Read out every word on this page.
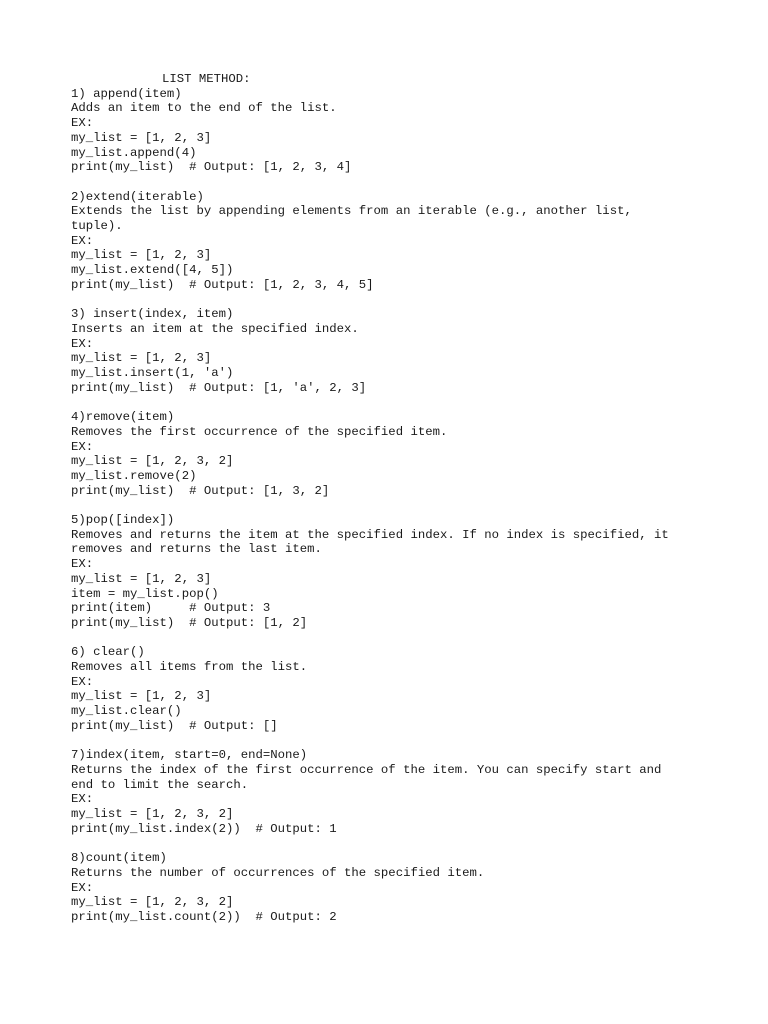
LIST METHOD:
1) append(item)
Adds an item to the end of the list.
EX:
my_list = [1, 2, 3]
my_list.append(4)
print(my_list)  # Output: [1, 2, 3, 4]
2)extend(iterable)
Extends the list by appending elements from an iterable (e.g., another list,
tuple).
EX:
my_list = [1, 2, 3]
my_list.extend([4, 5])
print(my_list)  # Output: [1, 2, 3, 4, 5]
3) insert(index, item)
Inserts an item at the specified index.
EX:
my_list = [1, 2, 3]
my_list.insert(1, 'a')
print(my_list)  # Output: [1, 'a', 2, 3]
4)remove(item)
Removes the first occurrence of the specified item.
EX:
my_list = [1, 2, 3, 2]
my_list.remove(2)
print(my_list)  # Output: [1, 3, 2]
5)pop([index])
Removes and returns the item at the specified index. If no index is specified, it
removes and returns the last item.
EX:
my_list = [1, 2, 3]
item = my_list.pop()
print(item)     # Output: 3
print(my_list)  # Output: [1, 2]
6) clear()
Removes all items from the list.
EX:
my_list = [1, 2, 3]
my_list.clear()
print(my_list)  # Output: []
7)index(item, start=0, end=None)
Returns the index of the first occurrence of the item. You can specify start and
end to limit the search.
EX:
my_list = [1, 2, 3, 2]
print(my_list.index(2))  # Output: 1
8)count(item)
Returns the number of occurrences of the specified item.
EX:
my_list = [1, 2, 3, 2]
print(my_list.count(2))  # Output: 2
